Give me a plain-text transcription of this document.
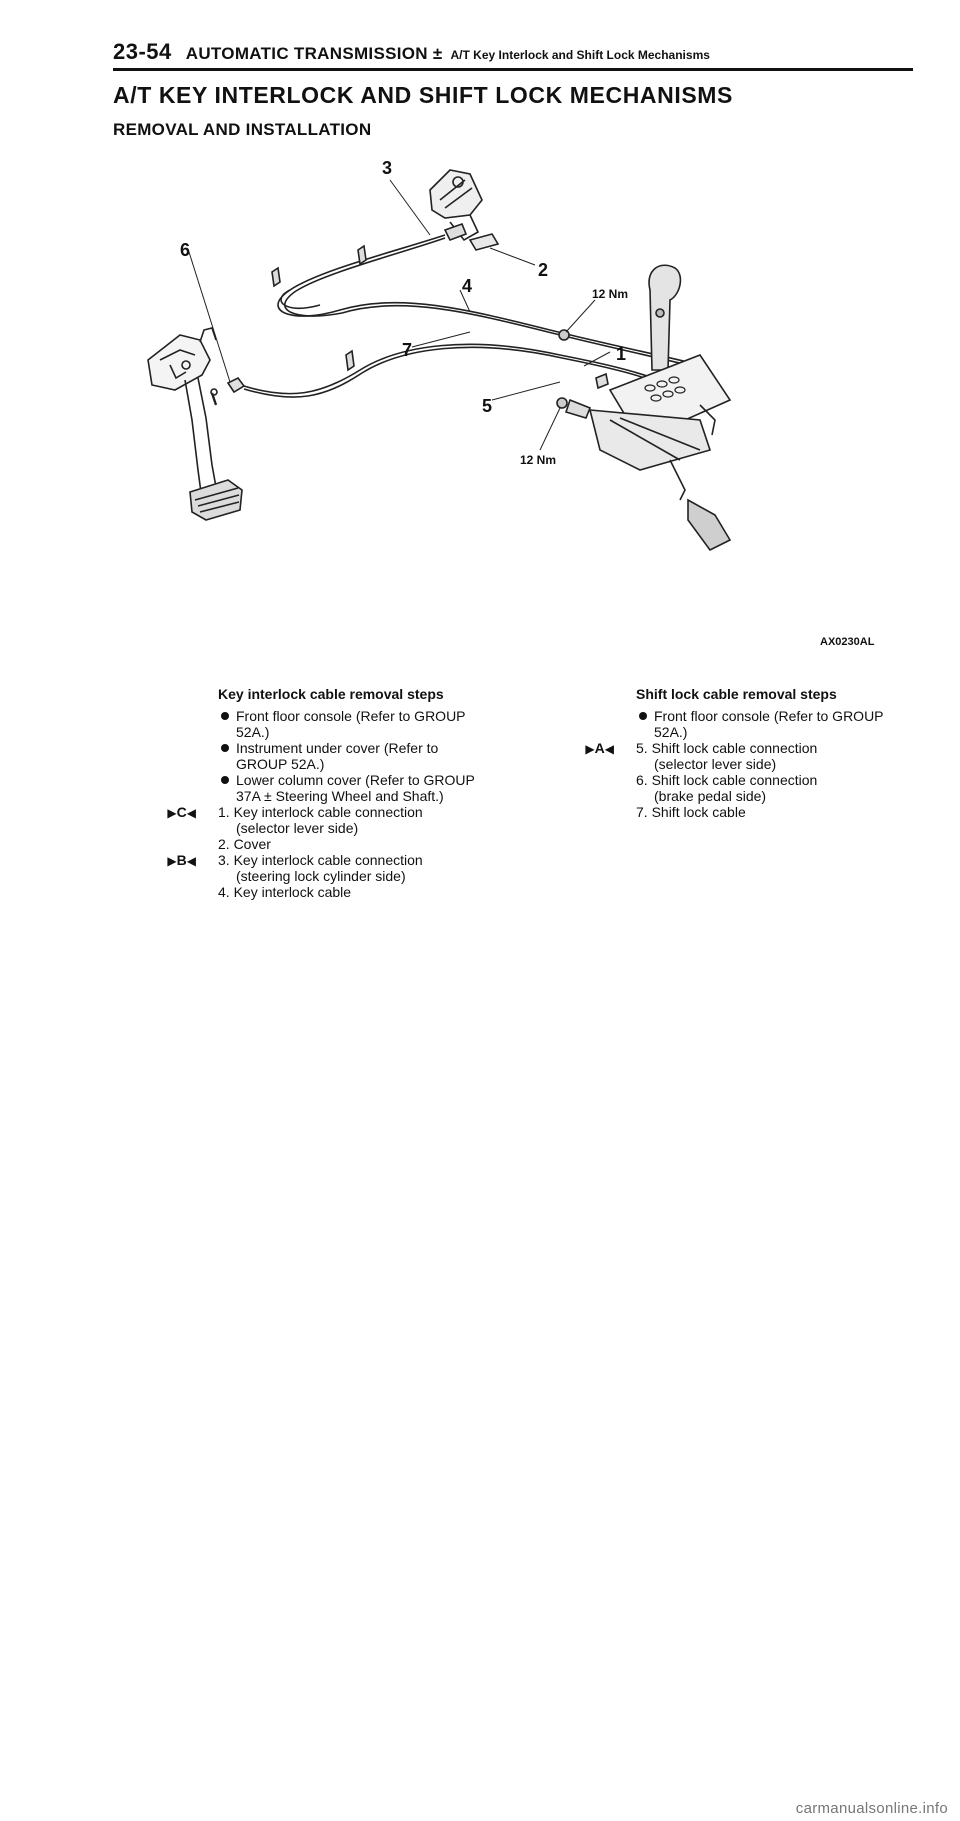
23-54 AUTOMATIC TRANSMISSION ± A/T Key Interlock and Shift Lock Mechanisms
A/T KEY INTERLOCK AND SHIFT LOCK MECHANISMS
REMOVAL AND INSTALLATION
3
2
4
6
7	1
5
12 Nm
12 Nm
AX0230AL
Key interlock cable removal steps
Front floor console (Refer to GROUP
52A.)
Instrument under cover (Refer to
GROUP 52A.)
Lower column cover (Refer to GROUP
37A ± Steering Wheel and Shaft.)
▶C◀ 1. Key interlock cable connection
(selector lever side)
2. Cover
▶B◀ 3. Key interlock cable connection
(steering lock cylinder side)
4. Key interlock cable
Shift lock cable removal steps
Front floor console (Refer to GROUP
52A.)
▶A◀ 5. Shift lock cable connection
(selector lever side)
6. Shift lock cable connection
(brake pedal side)
7. Shift lock cable
carmanualsonline.info
